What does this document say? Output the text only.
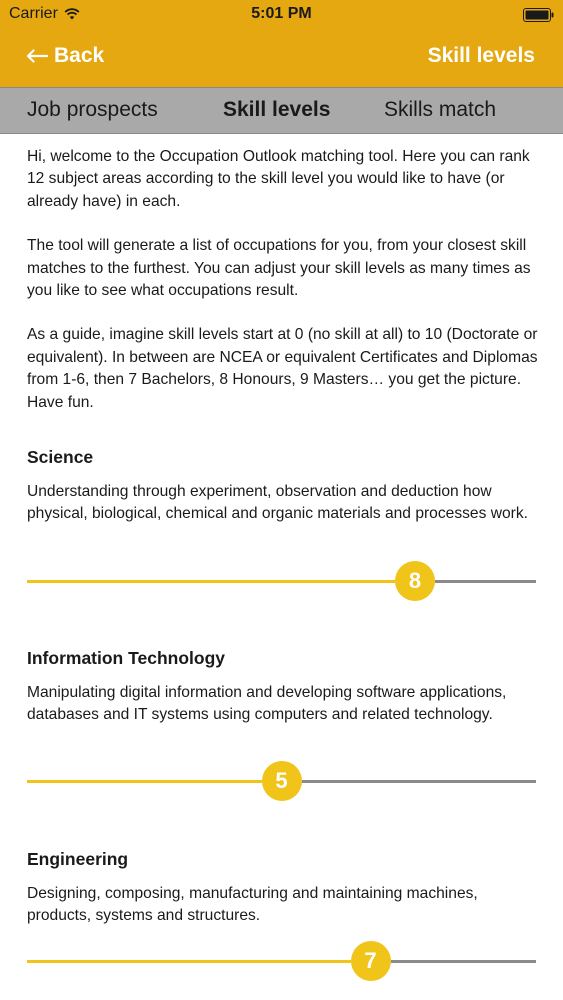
Carrier	5:01 PM
Back	Skill levels
Job prospects	Skill levels	Skills match

Hi, welcome to the Occupation Outlook matching tool. Here you can rank 12 subject areas according to the skill level you would like to have (or already have) in each.

The tool will generate a list of occupations for you, from your closest skill matches to the furthest. You can adjust your skill levels as many times as you like to see what occupations result.

As a guide, imagine skill levels start at 0 (no skill at all) to 10 (Doctorate or equivalent). In between are NCEA or equivalent Certificates and Diplomas from 1-6, then 7 Bachelors, 8 Honours, 9 Masters… you get the picture. Have fun.

Science

Understanding through experiment, observation and deduction how physical, biological, chemical and organic materials and processes work.

8
Information Technology

Manipulating digital information and developing software applications, databases and IT systems using computers and related technology.

5
Engineering

Designing, composing, manufacturing and maintaining machines, products, systems and structures.

7
